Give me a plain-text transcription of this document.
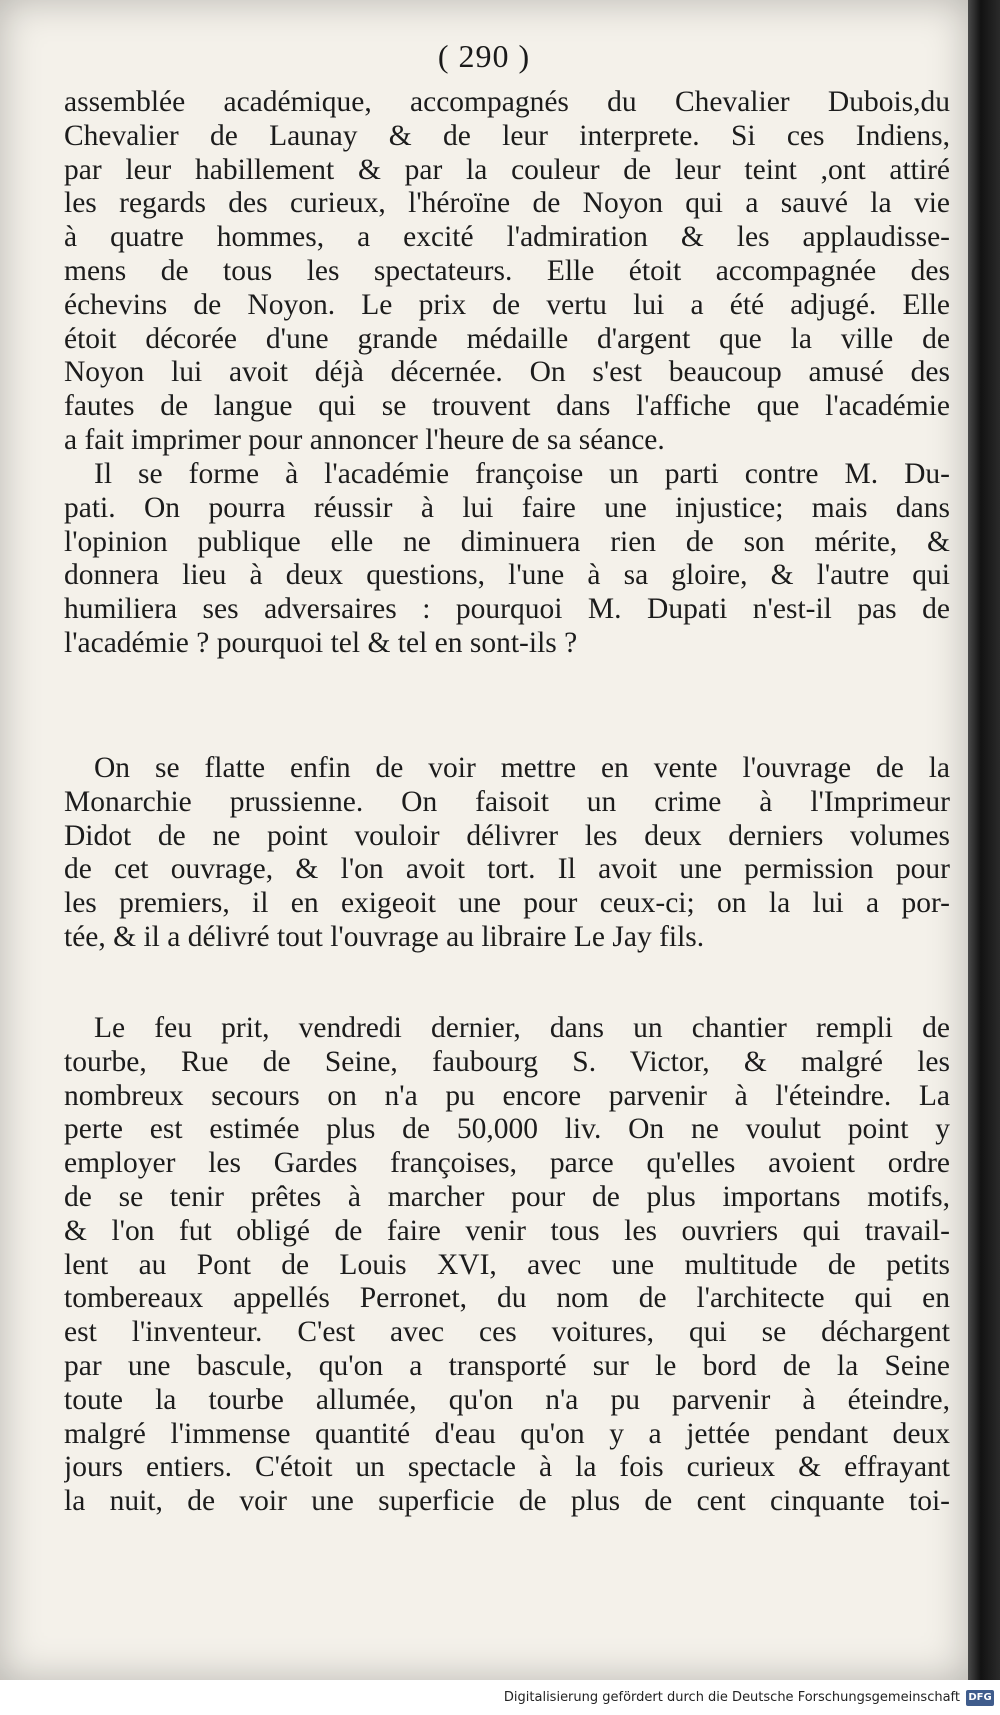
( 290 )
assemblée académique, accompagnés du Chevalier Dubois,du
Chevalier de Launay & de leur interprete. Si ces Indiens,
par leur habillement & par la couleur de leur teint ,ont attiré
les regards des curieux, l'héroïne de Noyon qui a sauvé la vie
à quatre hommes, a excité l'admiration & les applaudisse-
mens de tous les spectateurs. Elle étoit accompagnée des
échevins de Noyon. Le prix de vertu lui a été adjugé. Elle
étoit décorée d'une grande médaille d'argent que la ville de
Noyon lui avoit déjà décernée. On s'est beaucoup amusé des
fautes de langue qui se trouvent dans l'affiche que l'académie
a fait imprimer pour annoncer l'heure de sa séance.
Il se forme à l'académie françoise un parti contre M. Du-
pati. On pourra réussir à lui faire une injustice; mais dans
l'opinion publique elle ne diminuera rien de son mérite, &
donnera lieu à deux questions, l'une à sa gloire, & l'autre qui
humiliera ses adversaires : pourquoi M. Dupati n'est-il pas de
l'académie ? pourquoi tel & tel en sont-ils ?
On se flatte enfin de voir mettre en vente l'ouvrage de la
Monarchie prussienne. On faisoit un crime à l'Imprimeur
Didot de ne point vouloir délivrer les deux derniers volumes
de cet ouvrage, & l'on avoit tort. Il avoit une permission pour
les premiers, il en exigeoit une pour ceux-ci; on la lui a por-
tée, & il a délivré tout l'ouvrage au libraire Le Jay fils.
Le feu prit, vendredi dernier, dans un chantier rempli de
tourbe, Rue de Seine, faubourg S. Victor, & malgré les
nombreux secours on n'a pu encore parvenir à l'éteindre. La
perte est estimée plus de 50,000 liv. On ne voulut point y
employer les Gardes françoises, parce qu'elles avoient ordre
de se tenir prêtes à marcher pour de plus importans motifs,
& l'on fut obligé de faire venir tous les ouvriers qui travail-
lent au Pont de Louis XVI, avec une multitude de petits
tombereaux appellés Perronet, du nom de l'architecte qui en
est l'inventeur. C'est avec ces voitures, qui se déchargent
par une bascule, qu'on a transporté sur le bord de la Seine
toute la tourbe allumée, qu'on n'a pu parvenir à éteindre,
malgré l'immense quantité d'eau qu'on y a jettée pendant deux
jours entiers. C'étoit un spectacle à la fois curieux & effrayant
la nuit, de voir une superficie de plus de cent cinquante toi-
Digitalisierung gefördert durch die Deutsche Forschungsgemeinschaft DFG
